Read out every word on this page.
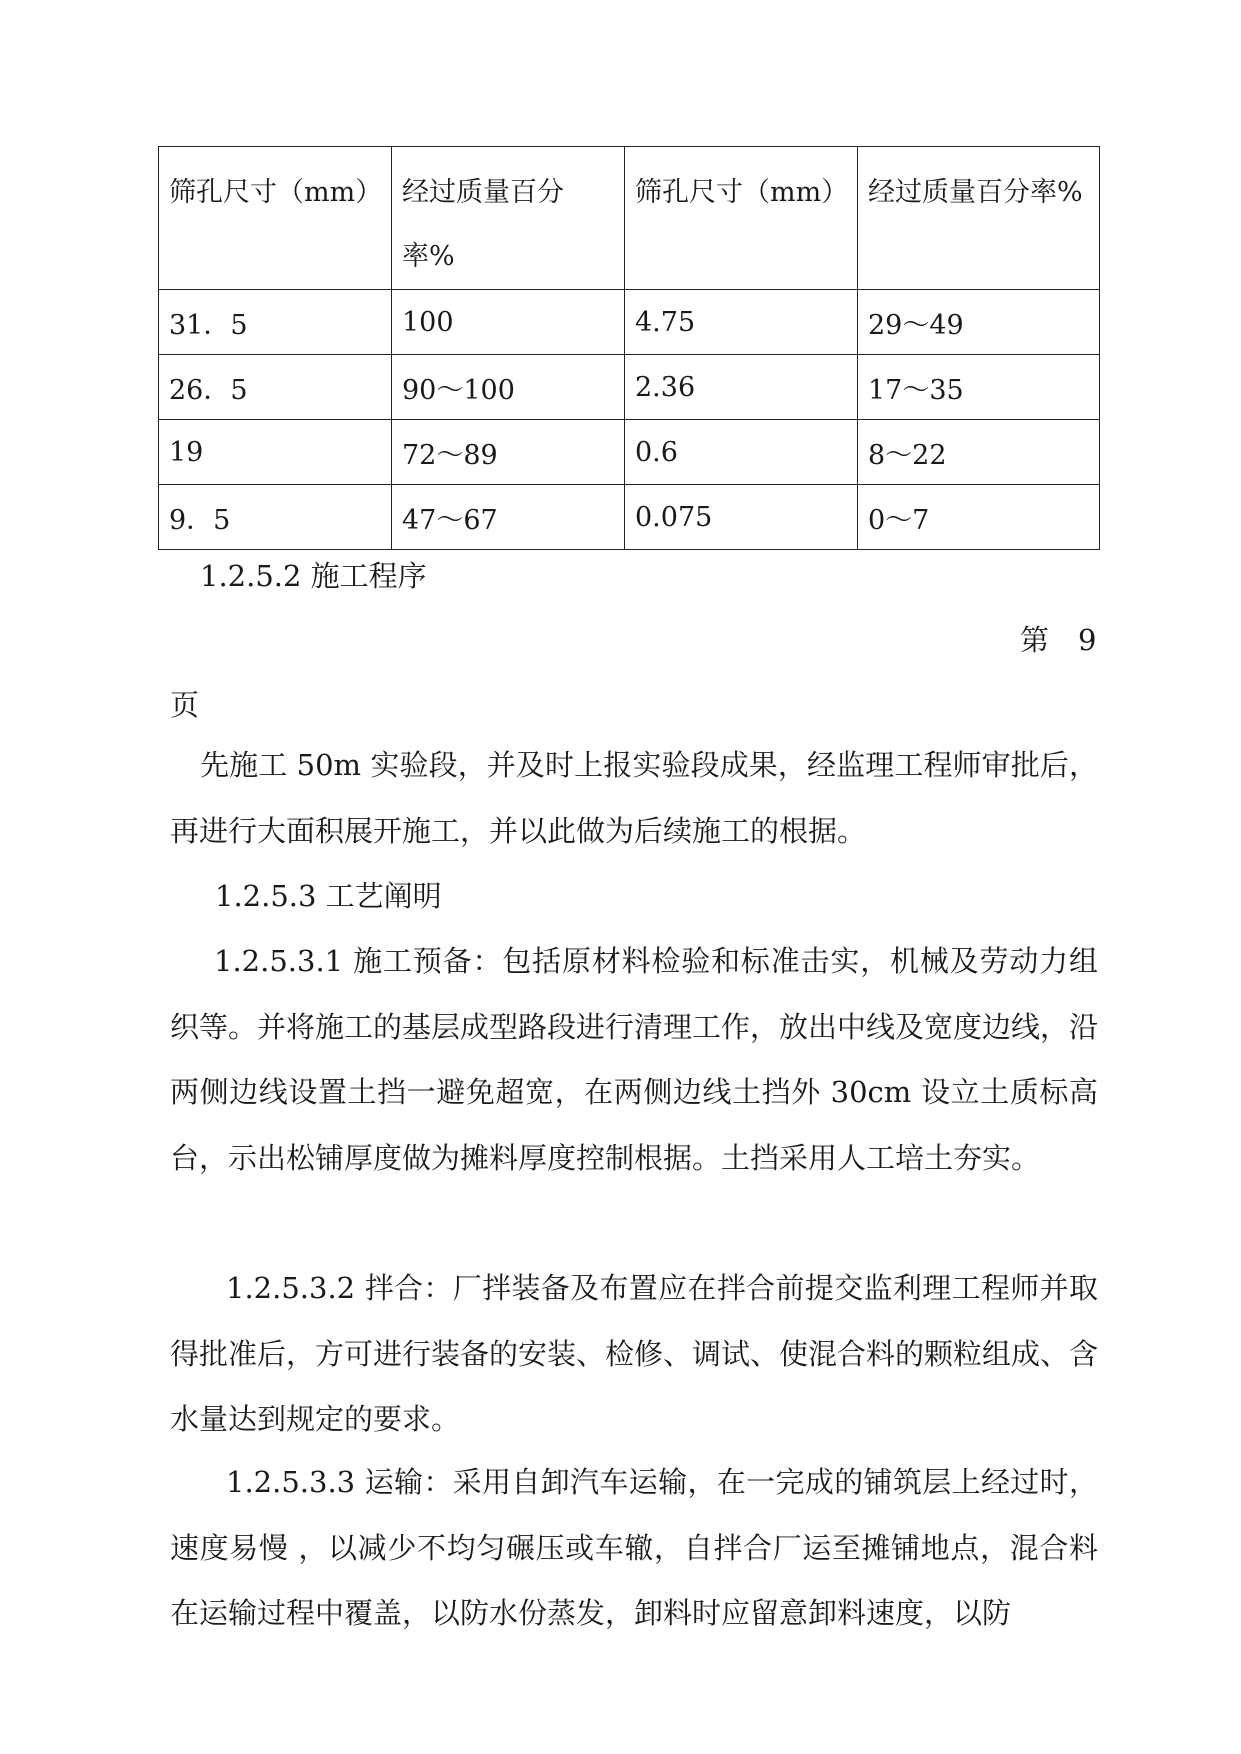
筛孔尺寸（mm）	经过质量百分率%	筛孔尺寸（mm）	经过质量百分率%
31．5	100	4.75	29～49
26．5	90～100	2.36	17～35
19	72～89	0.6	8～22
9．5	47～67	0.075	0～7
1.2.5.2 施工程序
第　9
页

先施工 50m 实验段，并及时上报实验段成果，经监理工程师审批后，再进行大面积展开施工，并以此做为后续施工的根据。

1.2.5.3 工艺阐明

1.2.5.3.1 施工预备：包括原材料检验和标准击实，机械及劳动力组织等。并将施工的基层成型路段进行清理工作，放出中线及宽度边线，沿两侧边线设置土挡一避免超宽，在两侧边线土挡外 30cm 设立土质标高台，示出松铺厚度做为摊料厚度控制根据。土挡采用人工培土夯实。

1.2.5.3.2 拌合：厂拌装备及布置应在拌合前提交监利理工程师并取得批准后，方可进行装备的安装、检修、调试、使混合料的颗粒组成、含水量达到规定的要求。

1.2.5.3.3 运输：采用自卸汽车运输，在一完成的铺筑层上经过时，速度易慢 ，以减少不均匀碾压或车辙，自拌合厂运至摊铺地点，混合料在运输过程中覆盖，以防水份蒸发，卸料时应留意卸料速度，以防
